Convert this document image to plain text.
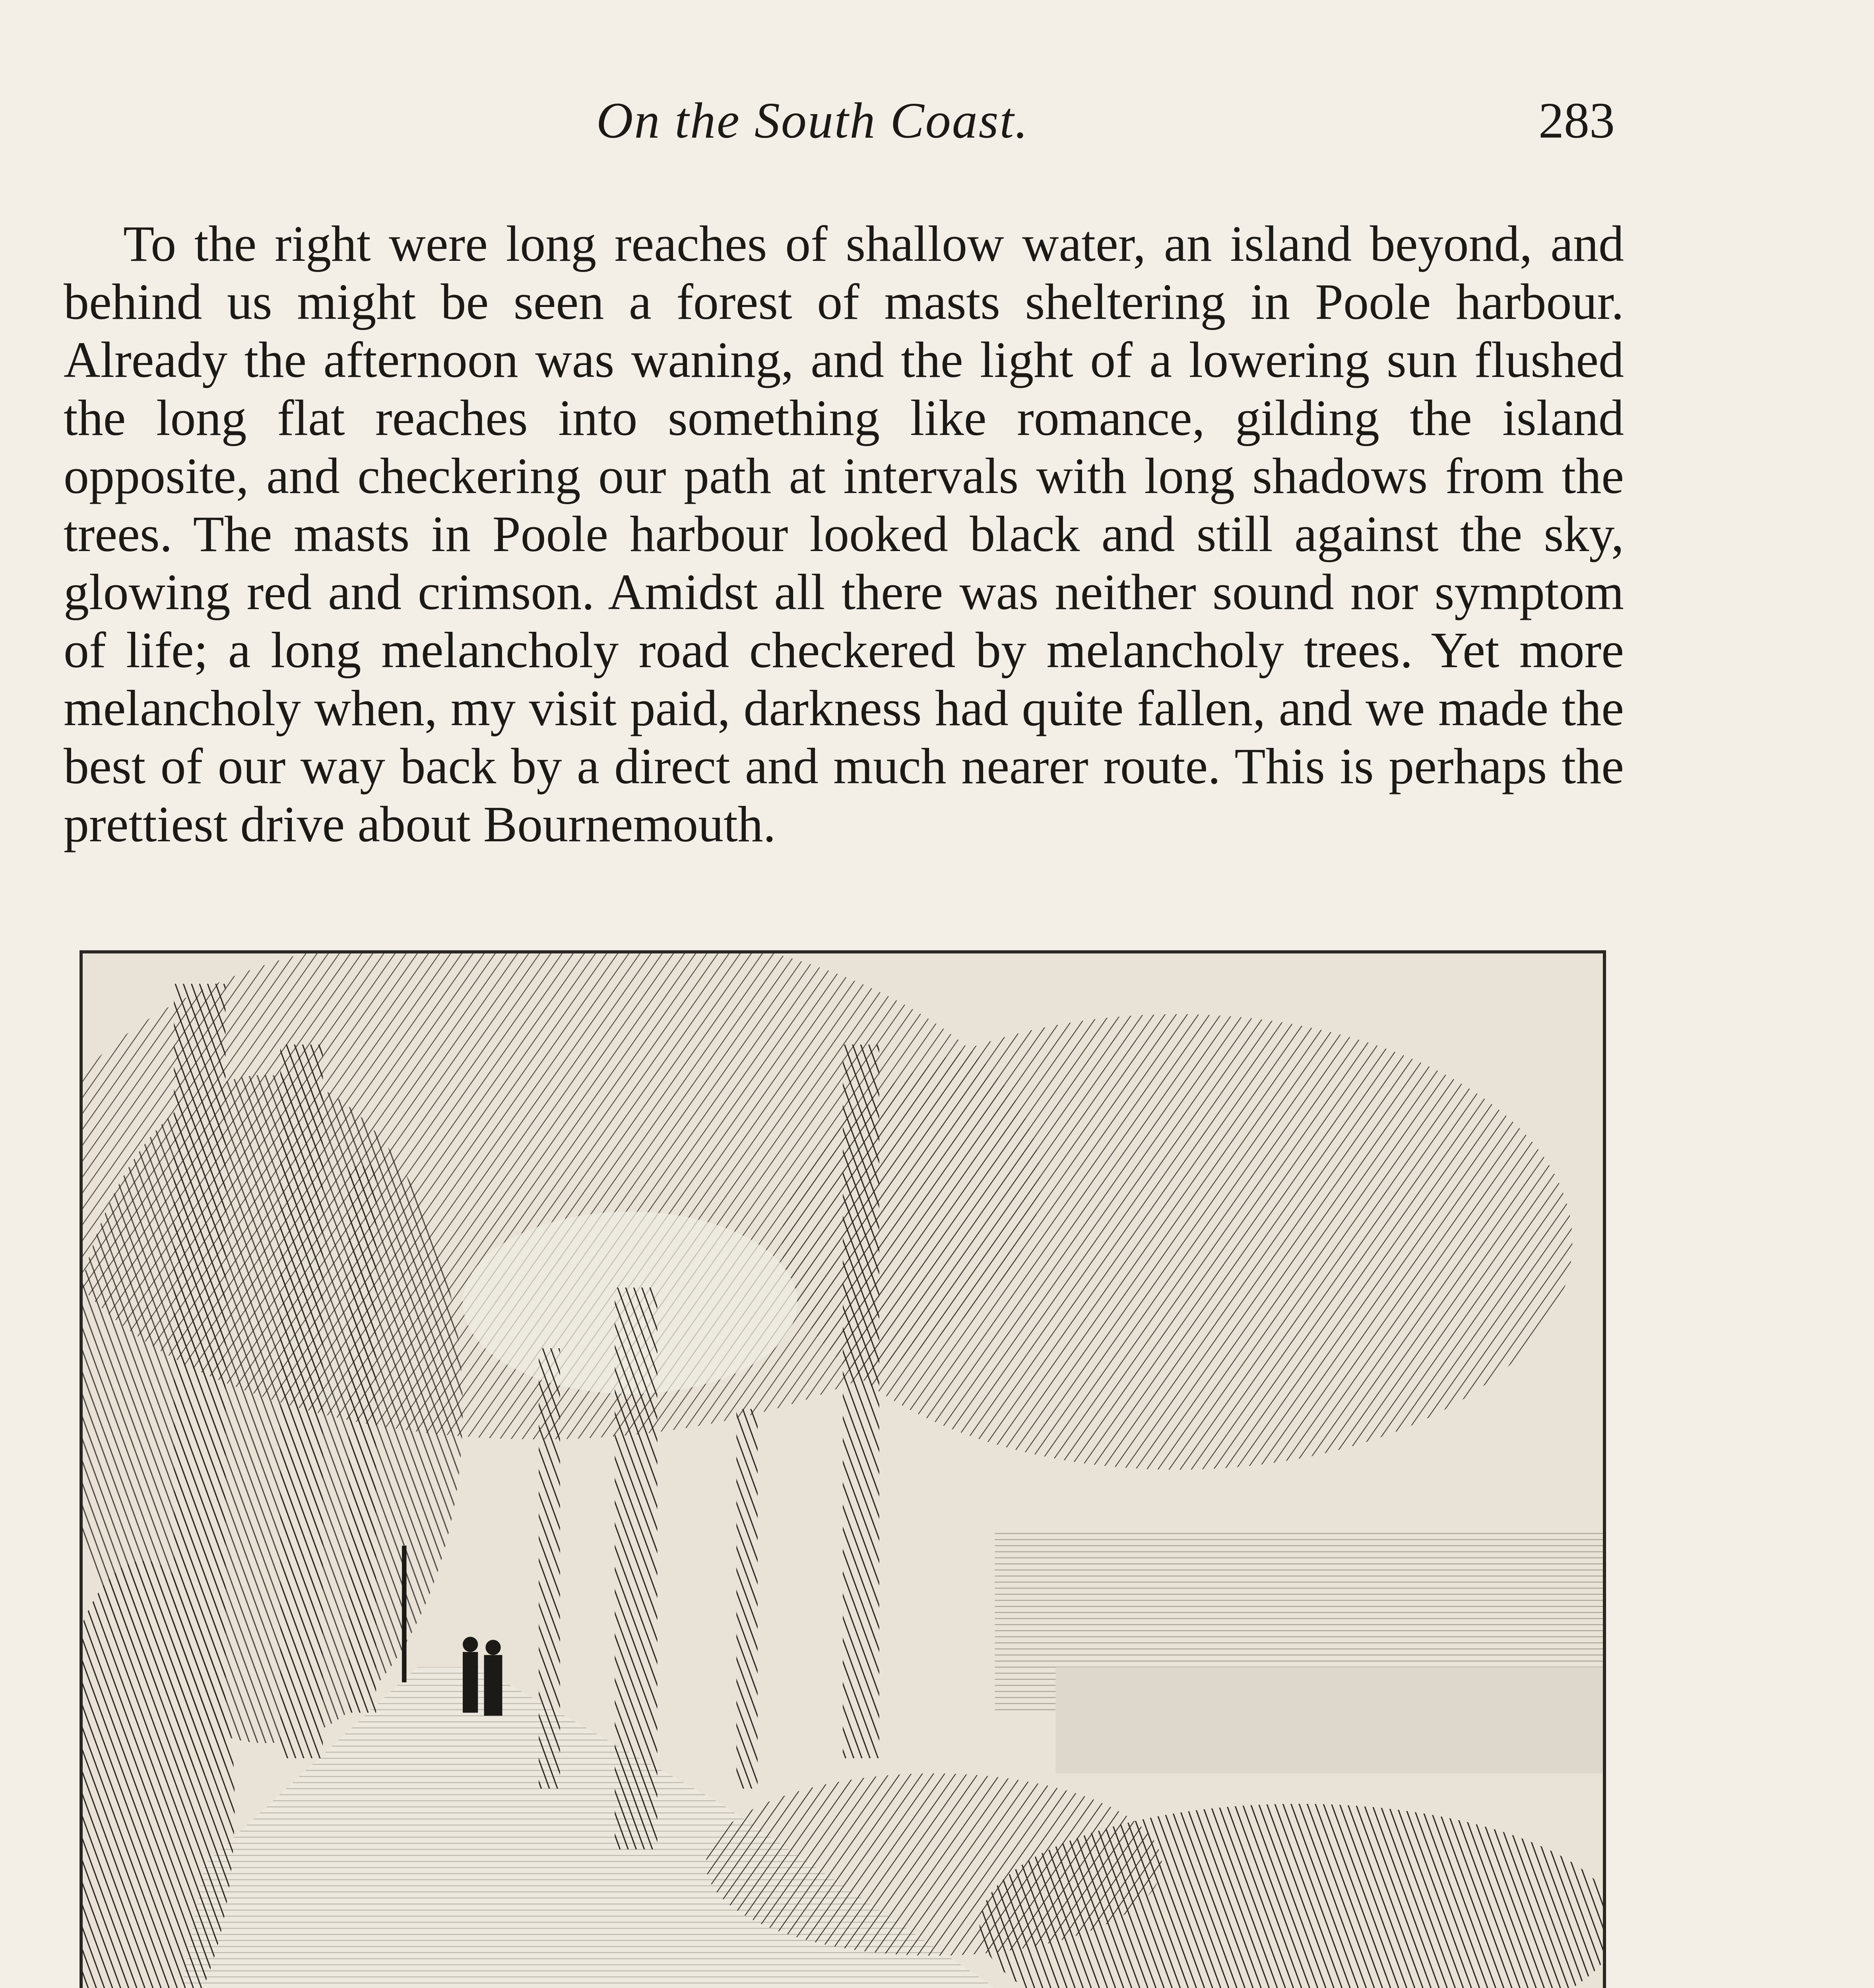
On the South Coast.	283

To the right were long reaches of shallow water, an island beyond, and behind us might be seen a forest of masts sheltering in Poole harbour. Already the afternoon was waning, and the light of a lowering sun flushed the long flat reaches into something like romance, gilding the island opposite, and checkering our path at intervals with long shadows from the trees. The masts in Poole harbour looked black and still against the sky, glowing red and crimson. Amidst all there was neither sound nor symptom of life; a long melancholy road checkered by melancholy trees. Yet more melancholy when, my visit paid, darkness had quite fallen, and we made the best of our way back by a direct and much nearer route. This is perhaps the prettiest drive about Bournemouth.
